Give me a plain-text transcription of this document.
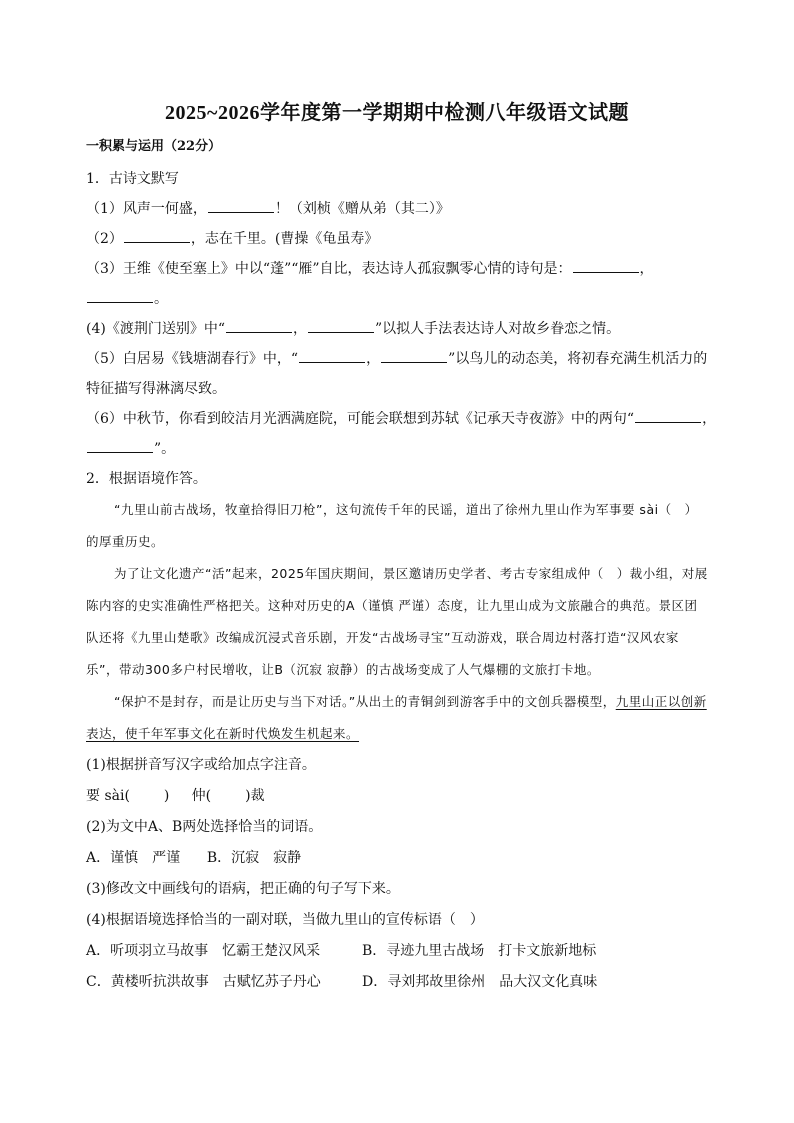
2025~2026学年度第一学期期中检测八年级语文试题
一积累与运用（22分）
1．古诗文默写
（1）风声一何盛，	！（刘桢《赠从弟（其二）》
（2）	，志在千里。(曹操《龟虽寿》
（3）王维《使至塞上》中以“蓬”“雁”自比，表达诗人孤寂飘零心情的诗句是：	，
。
(4)《渡荆门送别》中“	，	”以拟人手法表达诗人对故乡眷恋之情。
（5）白居易《钱塘湖春行》中，“	，	”以鸟儿的动态美，将初春充满生机活力的
特征描写得淋漓尽致。
（6）中秋节，你看到皎洁月光洒满庭院，可能会联想到苏轼《记承天寺夜游》中的两句“	，
”。
2．根据语境作答。
“九里山前古战场，牧童拾得旧刀枪”，这句流传千年的民谣，道出了徐州九里山作为军事要 sài（　）的厚重历史。
为了让文化遗产“活”起来，2025年国庆期间，景区邀请历史学者、考古专家组成仲（　）裁小组，对展陈内容的史实准确性严格把关。这种对历史的A（谨慎 严谨）态度，让九里山成为文旅融合的典范。景区团队还将《九里山楚歌》改编成沉浸式音乐剧，开发“古战场寻宝”互动游戏，联合周边村落打造“汉风农家乐”，带动300多户村民增收，让B（沉寂 寂静）的古战场变成了人气爆棚的文旅打卡地。
“保护不是封存，而是让历史与当下对话。”从出土的青铜剑到游客手中的文创兵器模型，九里山正以创新表达，使千年军事文化在新时代焕发生机起来。
(1)根据拼音写汉字或给加点字注音。
要 sài( ) 仲( )裁
(2)为文中A、B两处选择恰当的词语。
A．谨慎　严谨 B．沉寂　寂静
(3)修改文中画线句的语病，把正确的句子写下来。
(4)根据语境选择恰当的一副对联，当做九里山的宣传标语（　）
A．听项羽立马故事　忆霸王楚汉风采	B．寻迹九里古战场　打卡文旅新地标
C．黄楼听抗洪故事　古赋忆苏子丹心	D．寻刘邦故里徐州　品大汉文化真味
